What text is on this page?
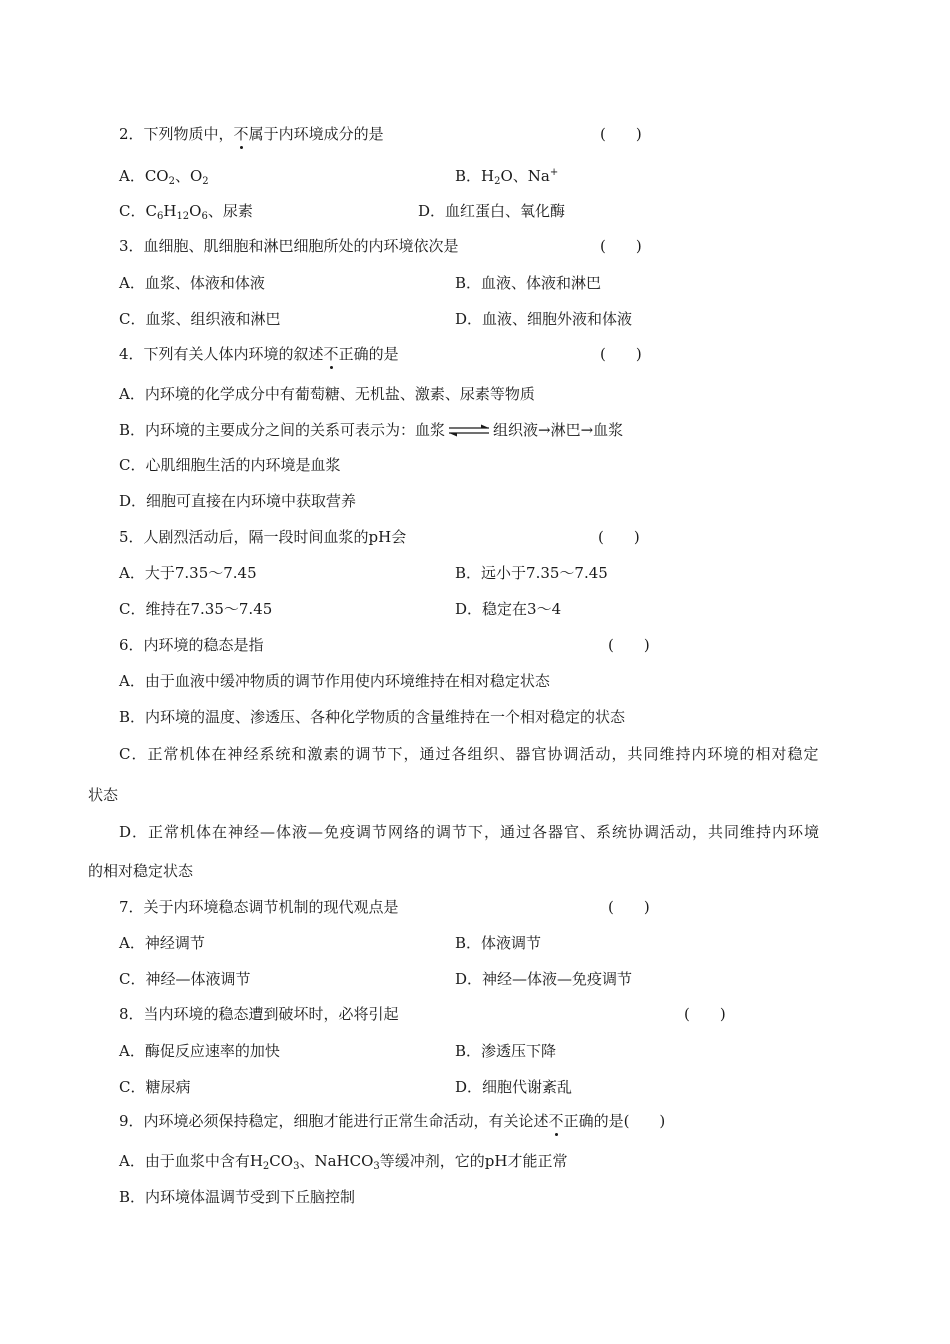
2．下列物质中，不属于内环境成分的是	(　　)
A．$CO_2$、$O_2$	B．$H_2O$、Na+
C．$C_6H_{12}O_6$、尿素	D．血红蛋白、氧化酶
3．血细胞、肌细胞和淋巴细胞所处的内环境依次是	(　　)
A．血浆、体液和体液	B．血液、体液和淋巴
C．血浆、组织液和淋巴	D．血液、细胞外液和体液
4．下列有关人体内环境的叙述不正确的是	(　　)
A．内环境的化学成分中有葡萄糖、无机盐、激素、尿素等物质
B．内环境的主要成分之间的关系可表示为：血浆 ⇌ 组织液→淋巴→血浆
C．心肌细胞生活的内环境是血浆
D．细胞可直接在内环境中获取营养
5．人剧烈活动后，隔一段时间血浆的pH会	(　　)
A．大于7.35～7.45	B．远小于7.35～7.45
C．维持在7.35～7.45	D．稳定在3～4
6．内环境的稳态是指	(　　)
A．由于血液中缓冲物质的调节作用使内环境维持在相对稳定状态
B．内环境的温度、渗透压、各种化学物质的含量维持在一个相对稳定的状态
C．正常机体在神经系统和激素的调节下，通过各组织、器官协调活动，共同维持内环境的相对稳定
状态
D．正常机体在神经—体液—免疫调节网络的调节下，通过各器官、系统协调活动，共同维持内环境
的相对稳定状态
7．关于内环境稳态调节机制的现代观点是	(　　)
A．神经调节	B．体液调节
C．神经—体液调节	D．神经—体液—免疫调节
8．当内环境的稳态遭到破坏时，必将引起	(　　)
A．酶促反应速率的加快	B．渗透压下降
C．糖尿病	D．细胞代谢紊乱
9．内环境必须保持稳定，细胞才能进行正常生命活动，有关论述不正确的是(　　)
A．由于血浆中含有$H_2CO_3$、NaHCO$_3$等缓冲剂，它的pH才能正常
B．内环境体温调节受到下丘脑控制
